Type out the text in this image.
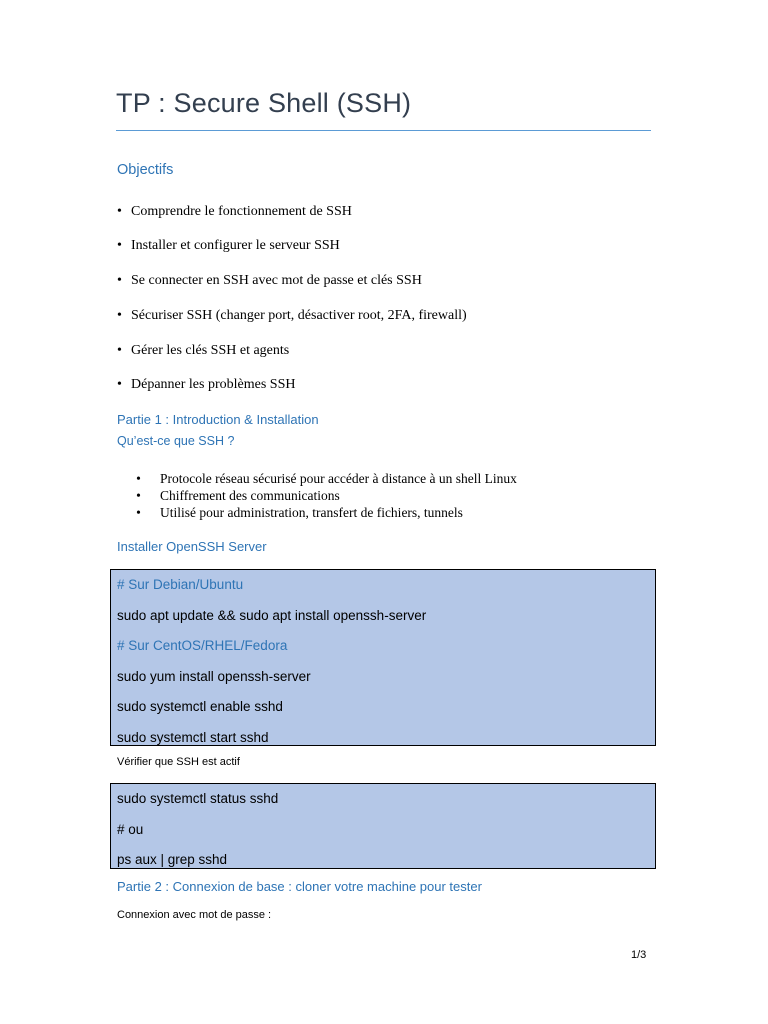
TP : Secure Shell (SSH)
Objectifs

• Comprendre le fonctionnement de SSH

• Installer et configurer le serveur SSH

• Se connecter en SSH avec mot de passe et clés SSH

• Sécuriser SSH (changer port, désactiver root, 2FA, firewall)

• Gérer les clés SSH et agents

• Dépanner les problèmes SSH

Partie 1 : Introduction & Installation
Qu’est-ce que SSH ?
• Protocole réseau sécurisé pour accéder à distance à un shell Linux
• Chiffrement des communications
• Utilisé pour administration, transfert de fichiers, tunnels
Installer OpenSSH Server
# Sur Debian/Ubuntu
sudo apt update && sudo apt install openssh-server
# Sur CentOS/RHEL/Fedora
sudo yum install openssh-server
sudo systemctl enable sshd
sudo systemctl start sshd

Vérifier que SSH est actif

sudo systemctl status sshd
# ou
ps aux | grep sshd
Partie 2 : Connexion de base : cloner votre machine pour tester

Connexion avec mot de passe :

1/3
